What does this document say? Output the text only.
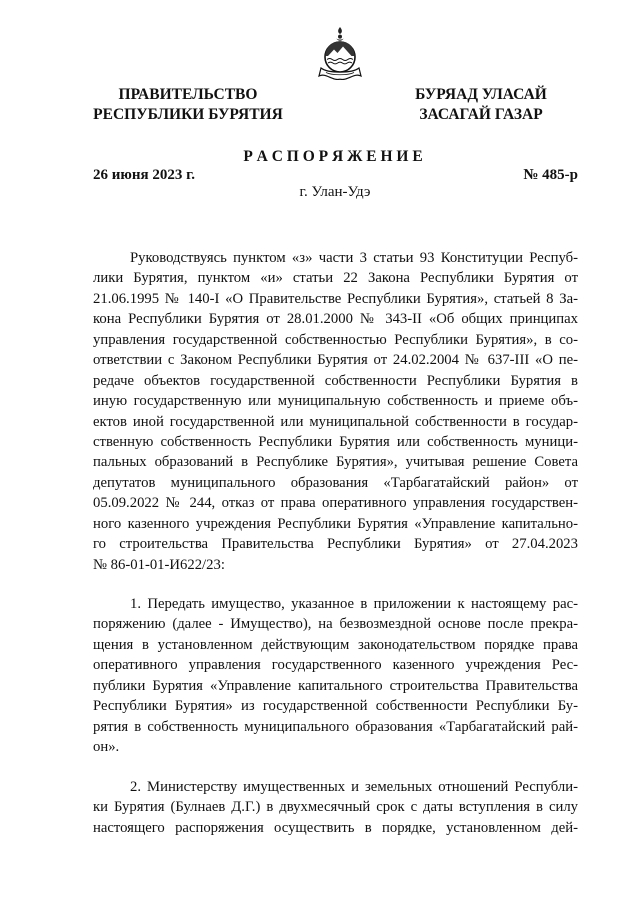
ПРАВИТЕЛЬСТВО
РЕСПУБЛИКИ БУРЯТИЯ
БУРЯАД УЛАСАЙ
ЗАСАГАЙ ГАЗАР
Р А С П О Р Я Ж Е Н И Е
26 июня 2023 г.	№ 485-р
г. Улан-Удэ
Руководствуясь пунктом «з» части 3 статьи 93 Конституции Респуб-
лики Бурятия, пунктом «и» статьи 22 Закона Республики Бурятия от
21.06.1995 № 140-I «О Правительстве Республики Бурятия», статьей 8 За-
кона Республики Бурятия от 28.01.2000 № 343-II «Об общих принципах
управления государственной собственностью Республики Бурятия», в со-
ответствии с Законом Республики Бурятия от 24.02.2004 № 637-III «О пе-
редаче объектов государственной собственности Республики Бурятия в
иную государственную или муниципальную собственность и приеме объ-
ектов иной государственной или муниципальной собственности в государ-
ственную собственность Республики Бурятия или собственность муници-
пальных образований в Республике Бурятия», учитывая решение Совета
депутатов муниципального образования «Тарбагатайский район» от
05.09.2022 № 244, отказ от права оперативного управления государствен-
ного казенного учреждения Республики Бурятия «Управление капитально-
го строительства Правительства Республики Бурятия» от 27.04.2023
№ 86-01-01-И622/23:
1. Передать имущество, указанное в приложении к настоящему рас-
поряжению (далее - Имущество), на безвозмездной основе после прекра-
щения в установленном действующим законодательством порядке права
оперативного управления государственного казенного учреждения Рес-
публики Бурятия «Управление капитального строительства Правительства
Республики Бурятия» из государственной собственности Республики Бу-
рятия в собственность муниципального образования «Тарбагатайский рай-
он».
2. Министерству имущественных и земельных отношений Республи-
ки Бурятия (Булнаев Д.Г.) в двухмесячный срок с даты вступления в силу
настоящего распоряжения осуществить в порядке, установленном дей-
